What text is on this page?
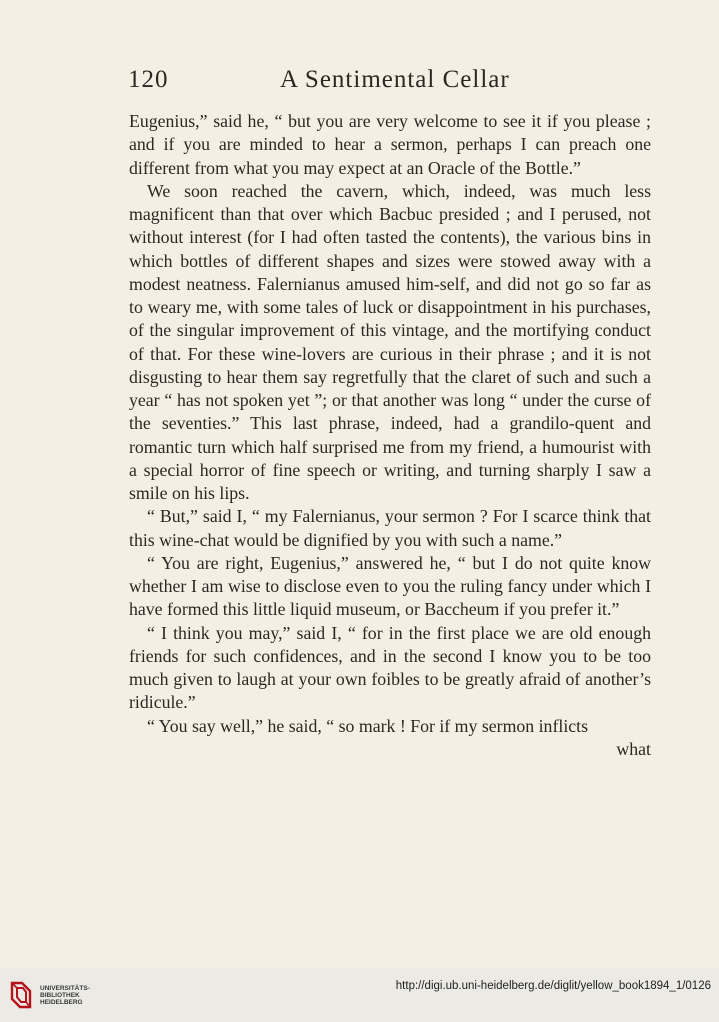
120	A Sentimental Cellar

Eugenius,” said he, “ but you are very welcome to see it if you please ; and if you are minded to hear a sermon, perhaps I can preach one different from what you may expect at an Oracle of the Bottle.”

We soon reached the cavern, which, indeed, was much less magnificent than that over which Bacbuc presided ; and I perused, not without interest (for I had often tasted the contents), the various bins in which bottles of different shapes and sizes were stowed away with a modest neatness. Falernianus amused him-self, and did not go so far as to weary me, with some tales of luck or disappointment in his purchases, of the singular improvement of this vintage, and the mortifying conduct of that. For these wine-lovers are curious in their phrase ; and it is not disgusting to hear them say regretfully that the claret of such and such a year “ has not spoken yet ”; or that another was long “ under the curse of the seventies.” This last phrase, indeed, had a grandilo-quent and romantic turn which half surprised me from my friend, a humourist with a special horror of fine speech or writing, and turning sharply I saw a smile on his lips.

“ But,” said I, “ my Falernianus, your sermon ? For I scarce think that this wine-chat would be dignified by you with such a name.”

“ You are right, Eugenius,” answered he, “ but I do not quite know whether I am wise to disclose even to you the ruling fancy under which I have formed this little liquid museum, or Baccheum if you prefer it.”

“ I think you may,” said I, “ for in the first place we are old enough friends for such confidences, and in the second I know you to be too much given to laugh at your own foibles to be greatly afraid of another’s ridicule.”

“ You say well,” he said, “ so mark ! For if my sermon inflicts

what

UNIVERSITÄTS-
BIBLIOTHEK
HEIDELBERG
http://digi.ub.uni-heidelberg.de/diglit/yellow_book1894_1/0126
